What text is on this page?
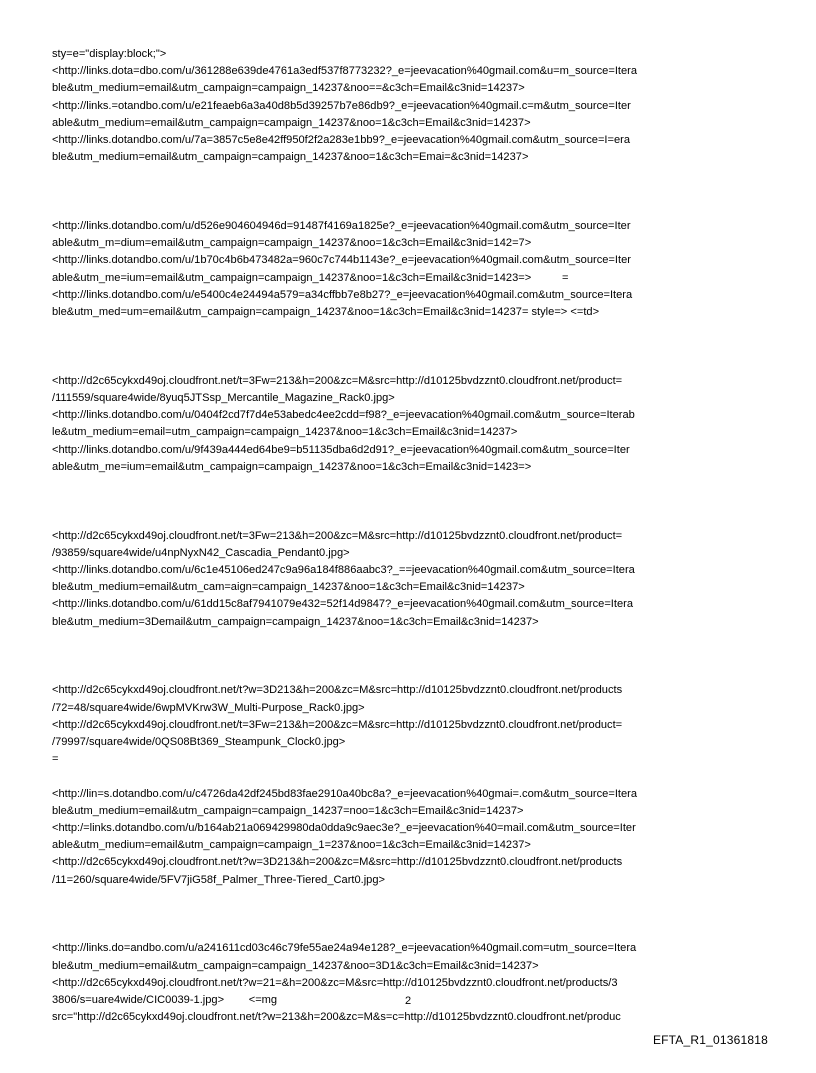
sty=e="display:block;">
<http://links.dota=dbo.com/u/361288e639de4761a3edf537f8773232?_e=jeevacation%40gmail.com&u=m_source=Itera
ble&utm_medium=email&utm_campaign=campaign_14237&noo==&c3ch=Email&c3nid=14237>
<http://links.=otandbo.com/u/e21feaeb6a3a40d8b5d39257b7e86db9?_e=jeevacation%40gmail.c=m&utm_source=Iter
able&utm_medium=email&utm_campaign=campaign_14237&noo=1&c3ch=Email&c3nid=14237>
<http://links.dotandbo.com/u/7a=3857c5e8e42ff950f2f2a283e1bb9?_e=jeevacation%40gmail.com&utm_source=I=era
ble&utm_medium=email&utm_campaign=campaign_14237&noo=1&c3ch=Emai=&c3nid=14237>
<http://links.dotandbo.com/u/d526e904604946d=91487f4169a1825e?_e=jeevacation%40gmail.com&utm_source=Iter
able&utm_m=dium=email&utm_campaign=campaign_14237&noo=1&c3ch=Email&c3nid=142=7>
<http://links.dotandbo.com/u/1b70c4b6b473482a=960c7c744b1143e?_e=jeevacation%40gmail.com&utm_source=Iter
able&utm_me=ium=email&utm_campaign=campaign_14237&noo=1&c3ch=Email&c3nid=1423=>          =
<http://links.dotandbo.com/u/e5400c4e24494a579=a34cffbb7e8b27?_e=jeevacation%40gmail.com&utm_source=Itera
ble&utm_med=um=email&utm_campaign=campaign_14237&noo=1&c3ch=Email&c3nid=14237= style=> <=td>
<http://d2c65cykxd49oj.cloudfront.net/t=3Fw=213&h=200&zc=M&src=http://d10125bvdzznt0.cloudfront.net/product=
/111559/square4wide/8yuq5JTSsp_Mercantile_Magazine_Rack0.jpg>
<http://links.dotandbo.com/u/0404f2cd7f7d4e53abedc4ee2cdd=f98?_e=jeevacation%40gmail.com&utm_source=Iterab
le&utm_medium=email=utm_campaign=campaign_14237&noo=1&c3ch=Email&c3nid=14237>
<http://links.dotandbo.com/u/9f439a444ed64be9=b51135dba6d2d91?_e=jeevacation%40gmail.com&utm_source=Iter
able&utm_me=ium=email&utm_campaign=campaign_14237&noo=1&c3ch=Email&c3nid=1423=>
<http://d2c65cykxd49oj.cloudfront.net/t=3Fw=213&h=200&zc=M&src=http://d10125bvdzznt0.cloudfront.net/product=
/93859/square4wide/u4npNyxN42_Cascadia_Pendant0.jpg>
<http://links.dotandbo.com/u/6c1e45106ed247c9a96a184f886aabc3?_==jeevacation%40gmail.com&utm_source=Itera
ble&utm_medium=email&utm_cam=aign=campaign_14237&noo=1&c3ch=Email&c3nid=14237>
<http://links.dotandbo.com/u/61dd15c8af7941079e432=52f14d9847?_e=jeevacation%40gmail.com&utm_source=Itera
ble&utm_medium=3Demail&utm_campaign=campaign_14237&noo=1&c3ch=Email&c3nid=14237>
<http://d2c65cykxd49oj.cloudfront.net/t?w=3D213&h=200&zc=M&src=http://d10125bvdzznt0.cloudfront.net/products
/72=48/square4wide/6wpMVKrw3W_Multi-Purpose_Rack0.jpg>
<http://d2c65cykxd49oj.cloudfront.net/t=3Fw=213&h=200&zc=M&src=http://d10125bvdzznt0.cloudfront.net/product=
/79997/square4wide/0QS08Bt369_Steampunk_Clock0.jpg>
=
<http://lin=s.dotandbo.com/u/c4726da42df245bd83fae2910a40bc8a?_e=jeevacation%40gmai=.com&utm_source=Itera
ble&utm_medium=email&utm_campaign=campaign_14237=noo=1&c3ch=Email&c3nid=14237>
<http:/=links.dotandbo.com/u/b164ab21a069429980da0dda9c9aec3e?_e=jeevacation%40=mail.com&utm_source=Iter
able&utm_medium=email&utm_campaign=campaign_1=237&noo=1&c3ch=Email&c3nid=14237>
<http://d2c65cykxd49oj.cloudfront.net/t?w=3D213&h=200&zc=M&src=http://d10125bvdzznt0.cloudfront.net/products
/11=260/square4wide/5FV7jiG58f_Palmer_Three-Tiered_Cart0.jpg>
<http://links.do=andbo.com/u/a241611cd03c46c79fe55ae24a94e128?_e=jeevacation%40gmail.com=utm_source=Itera
ble&utm_medium=email&utm_campaign=campaign_14237&noo=3D1&c3ch=Email&c3nid=14237>
<http://d2c65cykxd49oj.cloudfront.net/t?w=21=&h=200&zc=M&src=http://d10125bvdzznt0.cloudfront.net/products/3
3806/s=uare4wide/CIC0039-1.jpg>        <=mg
src="http://d2c65cykxd49oj.cloudfront.net/t?w=213&h=200&zc=M&s=c=http://d10125bvdzznt0.cloudfront.net/produc
2
EFTA_R1_01361818
